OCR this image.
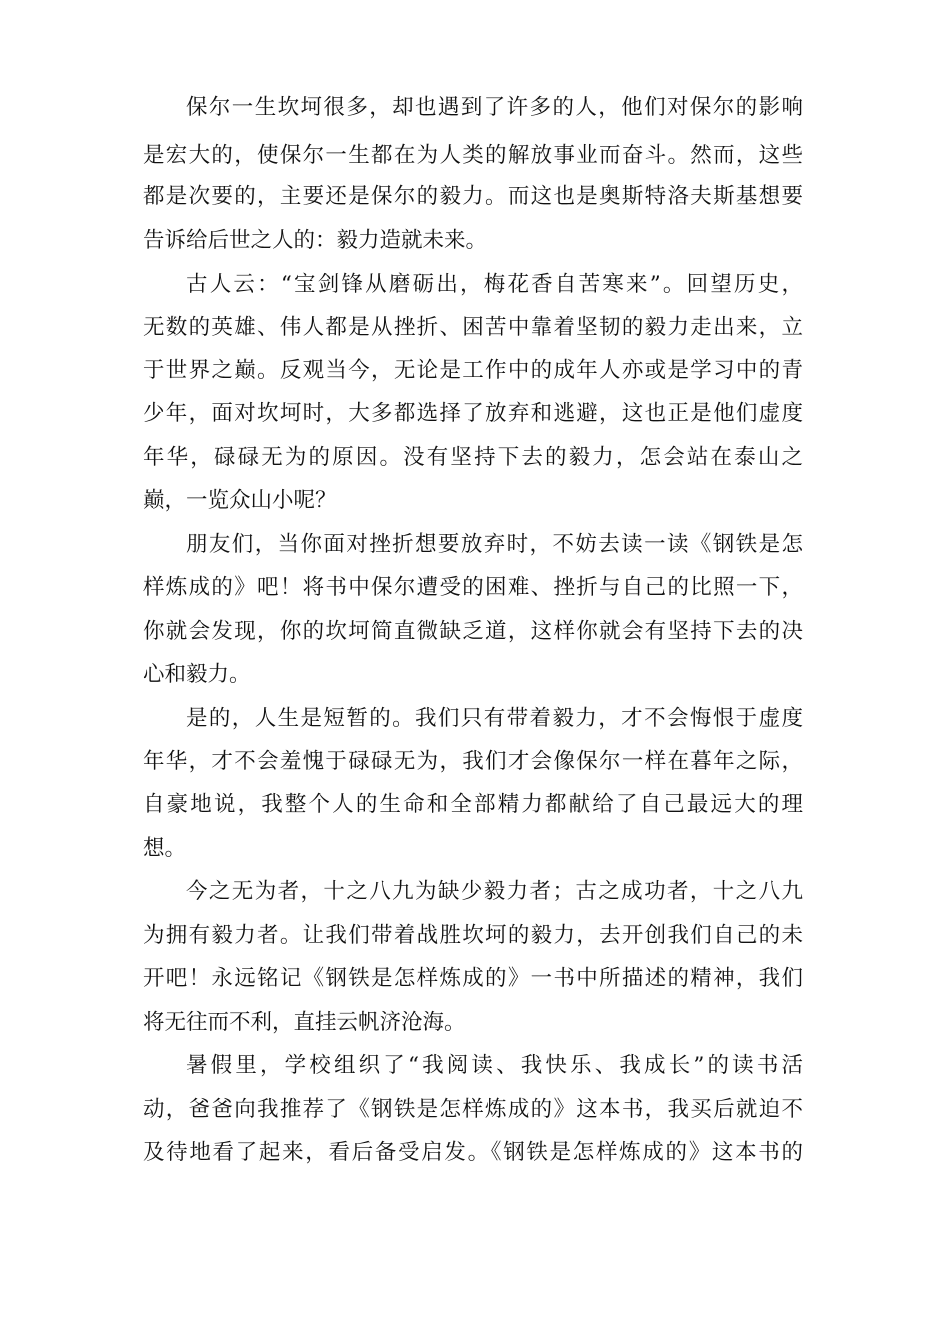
保尔一生坎坷很多，却也遇到了许多的人，他们对保尔的影响

是宏大的，使保尔一生都在为人类的解放事业而奋斗。然而，这些

都是次要的，主要还是保尔的毅力。而这也是奥斯特洛夫斯基想要

告诉给后世之人的：毅力造就未来。

古人云：“宝剑锋从磨砺出，梅花香自苦寒来”。回望历史，

无数的英雄、伟人都是从挫折、困苦中靠着坚韧的毅力走出来，立

于世界之巅。反观当今，无论是工作中的成年人亦或是学习中的青

少年，面对坎坷时，大多都选择了放弃和逃避，这也正是他们虚度

年华，碌碌无为的原因。没有坚持下去的毅力，怎会站在泰山之

巅，一览众山小呢？

朋友们，当你面对挫折想要放弃时，不妨去读一读《钢铁是怎

样炼成的》吧！将书中保尔遭受的困难、挫折与自己的比照一下，

你就会发现，你的坎坷简直微缺乏道，这样你就会有坚持下去的决

心和毅力。

是的，人生是短暂的。我们只有带着毅力，才不会悔恨于虚度

年华，才不会羞愧于碌碌无为，我们才会像保尔一样在暮年之际，

自豪地说，我整个人的生命和全部精力都献给了自己最远大的理

想。

今之无为者，十之八九为缺少毅力者；古之成功者，十之八九

为拥有毅力者。让我们带着战胜坎坷的毅力，去开创我们自己的未

开吧！永远铭记《钢铁是怎样炼成的》一书中所描述的精神，我们

将无往而不利，直挂云帆济沧海。

暑假里，学校组织了“我阅读、我快乐、我成长”的读书活

动，爸爸向我推荐了《钢铁是怎样炼成的》这本书，我买后就迫不

及待地看了起来，看后备受启发。《钢铁是怎样炼成的》这本书的
